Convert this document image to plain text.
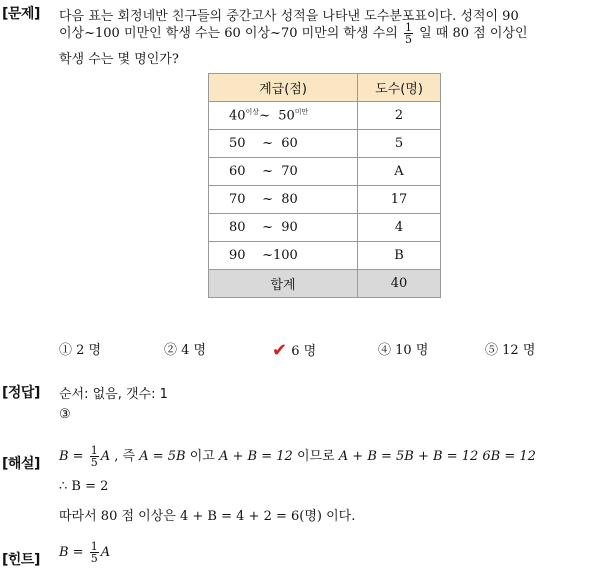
[문제] 다음 표는 회정네반 친구들의 중간고사 성적을 나타낸 도수분포표이다. 성적이 90
이상~100 미만인 학생 수는 60 이상~70 미만의 학생 수의 $\frac{1}{5}$ 일 때 80 점 이상인
학생 수는 몇 명인가?
계급(점)	도수(명)
$40^{이상}\sim$ $50^{미만}$	2
50 ~ 60	5
60 ~ 70	A
70 ~ 80	17
80 ~ 90	4
90 ~100	B
합계	40
① 2 명	② 4 명	✔ 6 명	④ 10 명	⑤ 12 명
[정답] 순서: 없음, 갯수: 1
③
[해설] $B = \frac{1}{5}$ A , 즉 A = 5B 이고 A + B = 12 이므로 A + B = 5B + B = 12 6B = 12
∴ B = 2
따라서 80 점 이상은 4 + B = 4 + 2 = 6(명) 이다.
[힌트] $B = \frac{1}{5}$ A
